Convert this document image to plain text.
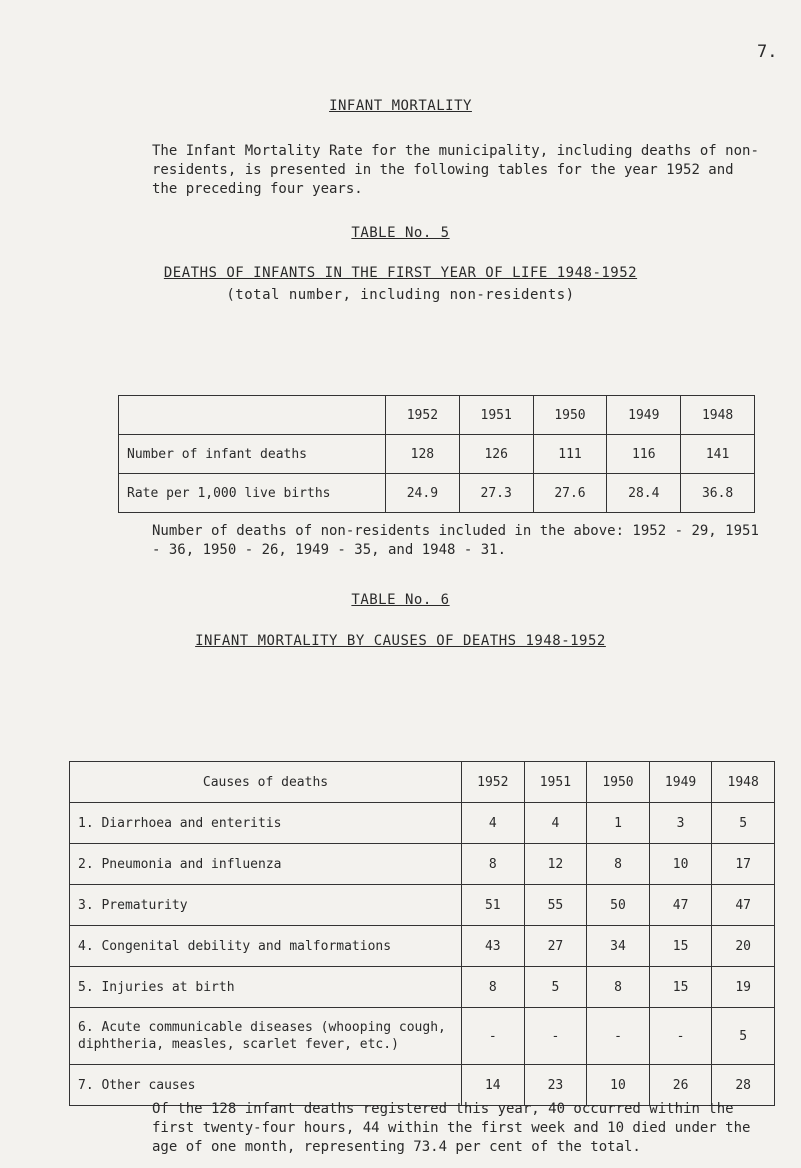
7.
INFANT MORTALITY
The Infant Mortality Rate for the municipality, including deaths of non-residents, is presented in the following tables for the year 1952 and the preceding four years.
TABLE No. 5
DEATHS OF INFANTS IN THE FIRST YEAR OF LIFE 1948-1952
(total number, including non-residents)
	1952	1951	1950	1949	1948
Number of infant deaths	128	126	111	116	141
Rate per 1,000 live births	24.9	27.3	27.6	28.4	36.8
Number of deaths of non-residents included in the above: 1952 - 29, 1951 - 36, 1950 - 26, 1949 - 35, and 1948 - 31.
TABLE No. 6
INFANT MORTALITY BY CAUSES OF DEATHS 1948-1952
Causes of deaths	1952	1951	1950	1949	1948
1. Diarrhoea and enteritis	4	4	1	3	5
2. Pneumonia and influenza	8	12	8	10	17
3. Prematurity	51	55	50	47	47
4. Congenital debility and malformations	43	27	34	15	20
5. Injuries at birth	8	5	8	15	19
6. Acute communicable diseases (whooping cough, diphtheria, measles, scarlet fever, etc.)	-	-	-	-	5
7. Other causes	14	23	10	26	28
Of the 128 infant deaths registered this year, 40 occurred within the first twenty-four hours, 44 within the first week and 10 died under the age of one month, representing 73.4 per cent of the total.
